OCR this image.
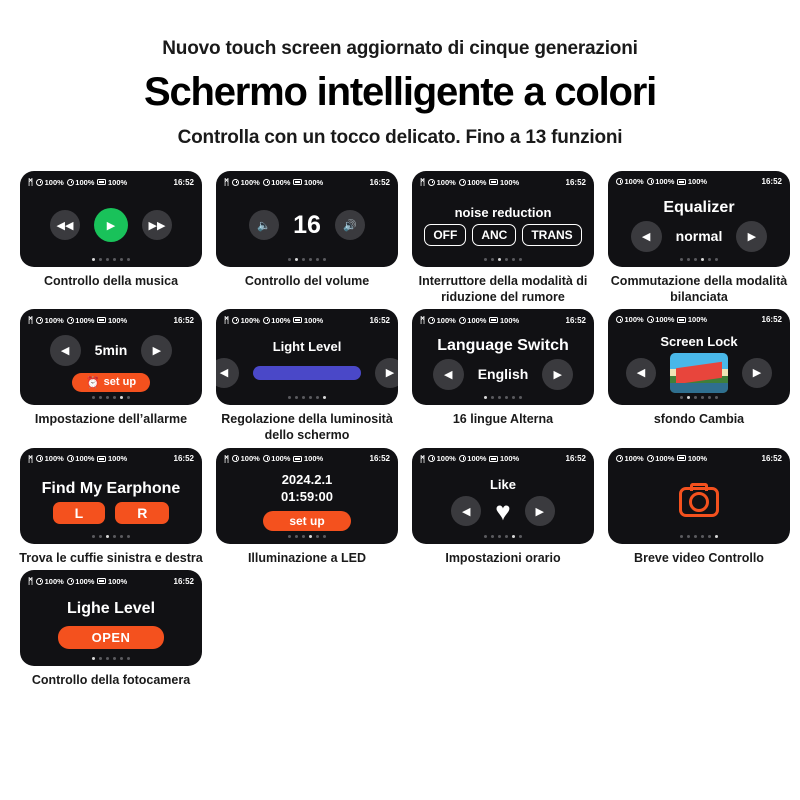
Nuovo touch screen aggiornato di cinque generazioni
Schermo intelligente a colori
Controlla con un tocco delicato. Fino a 13 funzioni
ᛗ 100% 100% 100%	16:52
◀◀	▶	▶▶
Controllo della musica
ᛗ 100% 100% 100%	16:52
🔈 16	🔊
Controllo del volume
ᛗ 100% 100% 100%	16:52
noise reduction
OFF	ANC	TRANS
Interruttore della modalità di riduzione del rumore
100% 100% 100%	16:52
Equalizer
◀	normal	▶
Commutazione della modalità bilanciata
ᛗ 100% 100% 100%	16:52
◀	5min	▶
⏰ set up
Impostazione dell’allarme
ᛗ 100% 100% 100%	16:52
Light Level
◀	▶
Regolazione della luminosità dello schermo
ᛗ 100% 100% 100%	16:52
Language Switch
◀	English	▶
16 lingue Alterna
100% 100% 100%	16:52
Screen Lock
◀	▶
sfondo Cambia
ᛗ 100% 100% 100%	16:52
Find My Earphone
L	R
Trova le cuffie sinistra e destra
ᛗ 100% 100% 100%	16:52
2024.2.1
01:59:00
set up
Illuminazione a LED
ᛗ 100% 100% 100%	16:52
Like
◀ ♥	▶
Impostazioni orario
100% 100% 100%	16:52
Breve video Controllo
ᛗ 100% 100% 100%	16:52
Lighe Level
OPEN
Controllo della fotocamera
